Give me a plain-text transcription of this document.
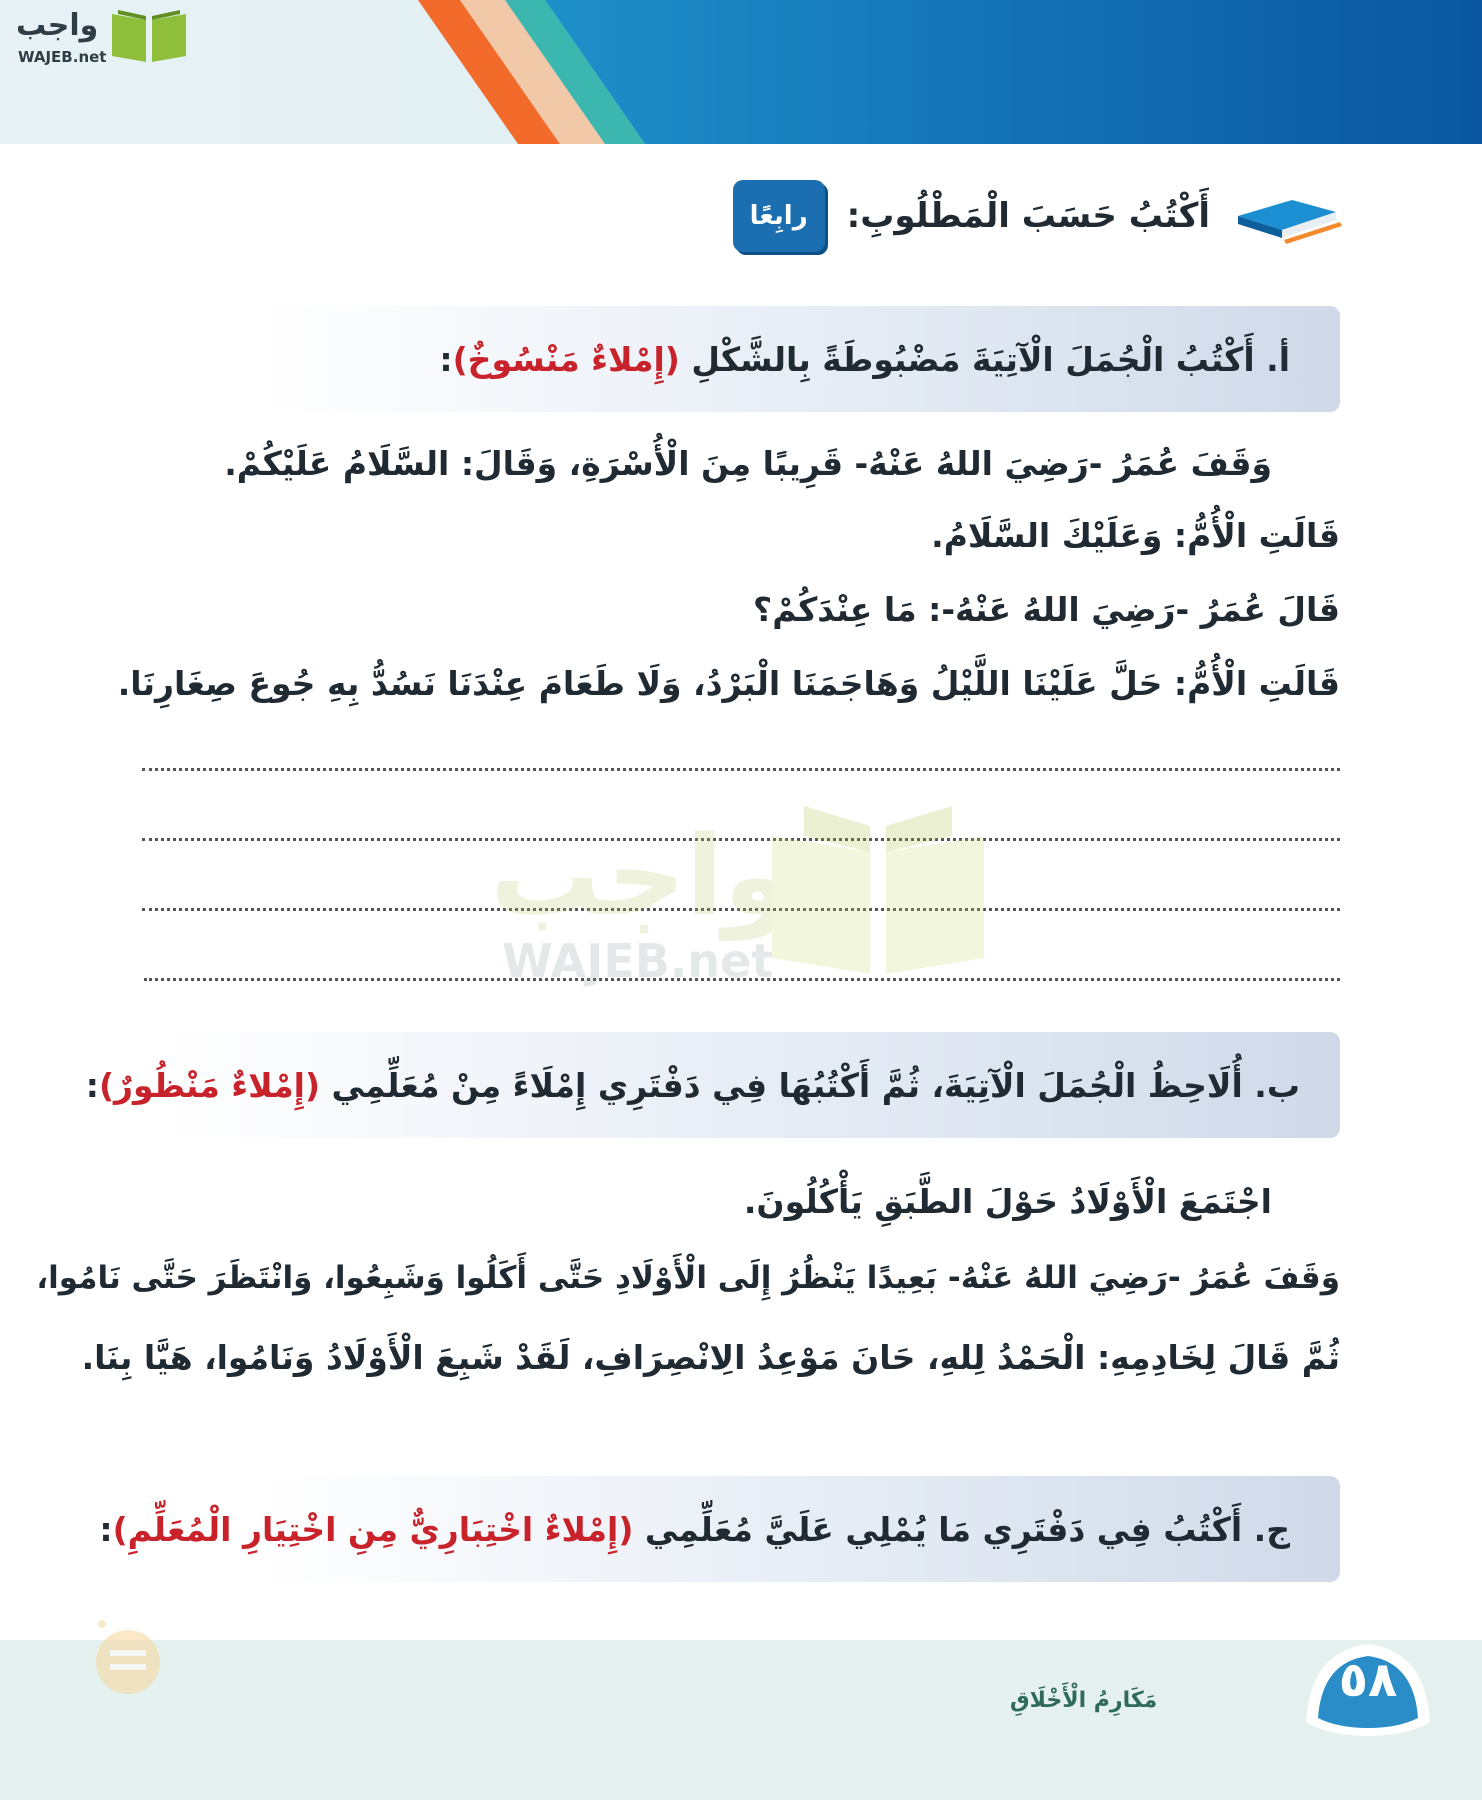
واجب
WAJEB.net
رابِعًا	أَكْتُبُ حَسَبَ الْمَطْلُوبِ:
أ. أَكْتُبُ الْجُمَلَ الْآتِيَةَ مَضْبُوطَةً بِالشَّكْلِ (إِمْلاءٌ مَنْسُوخٌ):
وَقَفَ عُمَرُ -رَضِيَ اللهُ عَنْهُ- قَرِيبًا مِنَ الْأُسْرَةِ، وَقَالَ: السَّلَامُ عَلَيْكُمْ.
قَالَتِ الْأُمُّ: وَعَلَيْكَ السَّلَامُ.
قَالَ عُمَرُ -رَضِيَ اللهُ عَنْهُ-: مَا عِنْدَكُمْ؟
قَالَتِ الْأُمُّ: حَلَّ عَلَيْنَا اللَّيْلُ وَهَاجَمَنَا الْبَرْدُ، وَلَا طَعَامَ عِنْدَنَا نَسُدُّ بِهِ جُوعَ صِغَارِنَا.
واجب
WAJEB.net
ب. أُلَاحِظُ الْجُمَلَ الْآتِيَةَ، ثُمَّ أَكْتُبُهَا فِي دَفْتَرِي إِمْلَاءً مِنْ مُعَلِّمِي (إِمْلاءٌ مَنْظُورٌ):
اجْتَمَعَ الْأَوْلَادُ حَوْلَ الطَّبَقِ يَأْكُلُونَ.
وَقَفَ عُمَرُ -رَضِيَ اللهُ عَنْهُ- بَعِيدًا يَنْظُرُ إِلَى الْأَوْلَادِ حَتَّى أَكَلُوا وَشَبِعُوا، وَانْتَظَرَ حَتَّى نَامُوا،
ثُمَّ قَالَ لِخَادِمِهِ: الْحَمْدُ لِلهِ، حَانَ مَوْعِدُ الِانْصِرَافِ، لَقَدْ شَبِعَ الْأَوْلَادُ وَنَامُوا، هَيَّا بِنَا.
ج. أَكْتُبُ فِي دَفْتَرِي مَا يُمْلِي عَلَيَّ مُعَلِّمِي (إِمْلاءٌ اخْتِبَارِيٌّ مِنِ اخْتِيَارِ الْمُعَلِّمِ):
٥٨
مَكَارِمُ الْأَخْلَاقِ
